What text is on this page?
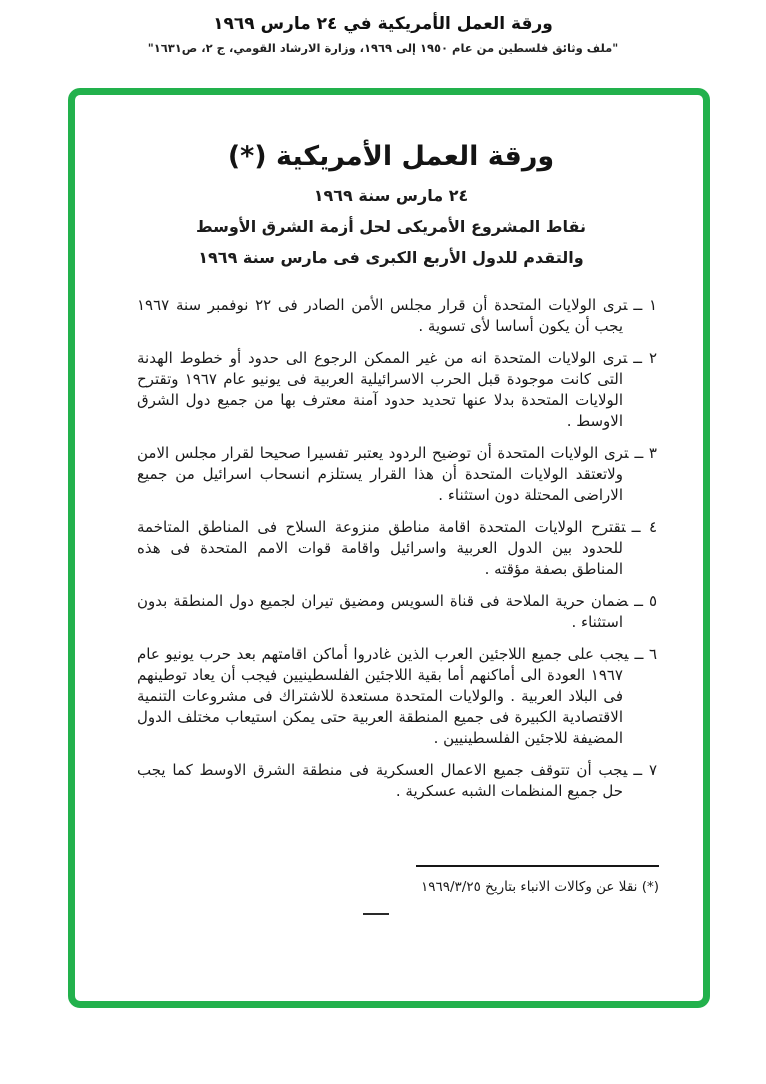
ورقة العمل الأمريكية في ٢٤ مارس ١٩٦٩
"ملف وثائق فلسطين من عام ١٩٥٠ إلى ١٩٦٩، وزارة الارشاد القومي، ج ٢، ص١٦٣١"
ورقة العمل الأمريكية (*)
٢٤ مارس سنة ١٩٦٩
نقاط المشروع الأمريكى لحل أزمة الشرق الأوسط
والتقدم للدول الأربع الكبرى فى مارس سنة ١٩٦٩

١ ــترى الولايات المتحدة أن قرار مجلس الأمن الصادر فى ٢٢ نوفمبر سنة ١٩٦٧ يجب أن يكون أساسا لأى تسوية .

٢ ــترى الولايات المتحدة انه من غير الممكن الرجوع الى حدود أو خطوط الهدنة التى كانت موجودة قبل الحرب الاسرائيلية العربية فى يونيو عام ١٩٦٧ وتقترح الولايات المتحدة بدلا عنها تحديد حدود آمنة معترف بها من جميع دول الشرق الاوسط .

٣ ــترى الولايات المتحدة أن توضيح الردود يعتبر تفسيرا صحيحا لقرار مجلس الامن ولاتعتقد الولايات المتحدة أن هذا القرار يستلزم انسحاب اسرائيل من جميع الاراضى المحتلة دون استثناء .

٤ ــتقترح الولايات المتحدة اقامة مناطق منزوعة السلاح فى المناطق المتاخمة للحدود بين الدول العربية واسرائيل واقامة قوات الامم المتحدة فى هذه المناطق بصفة مؤقته .

٥ ــضمان حرية الملاحة فى قناة السويس ومضيق تيران لجميع دول المنطقة بدون استثناء .

٦ ــيجب على جميع اللاجئين العرب الذين غادروا أماكن اقامتهم بعد حرب يونيو عام ١٩٦٧ العودة الى أماكنهم أما بقية اللاجئين الفلسطينيين فيجب أن يعاد توطينهم فى البلاد العربية . والولايات المتحدة مستعدة للاشتراك فى مشروعات التنمية الاقتصادية الكبيرة فى جميع المنطقة العربية حتى يمكن استيعاب مختلف الدول المضيفة للاجئين الفلسطينيين .

٧ ــيجب أن تتوقف جميع الاعمال العسكرية فى منطقة الشرق الاوسط كما يجب حل جميع المنظمات الشبه عسكرية .

(*) نقلا عن وكالات الانباء بتاريخ ١٩٦٩/٣/٢٥
